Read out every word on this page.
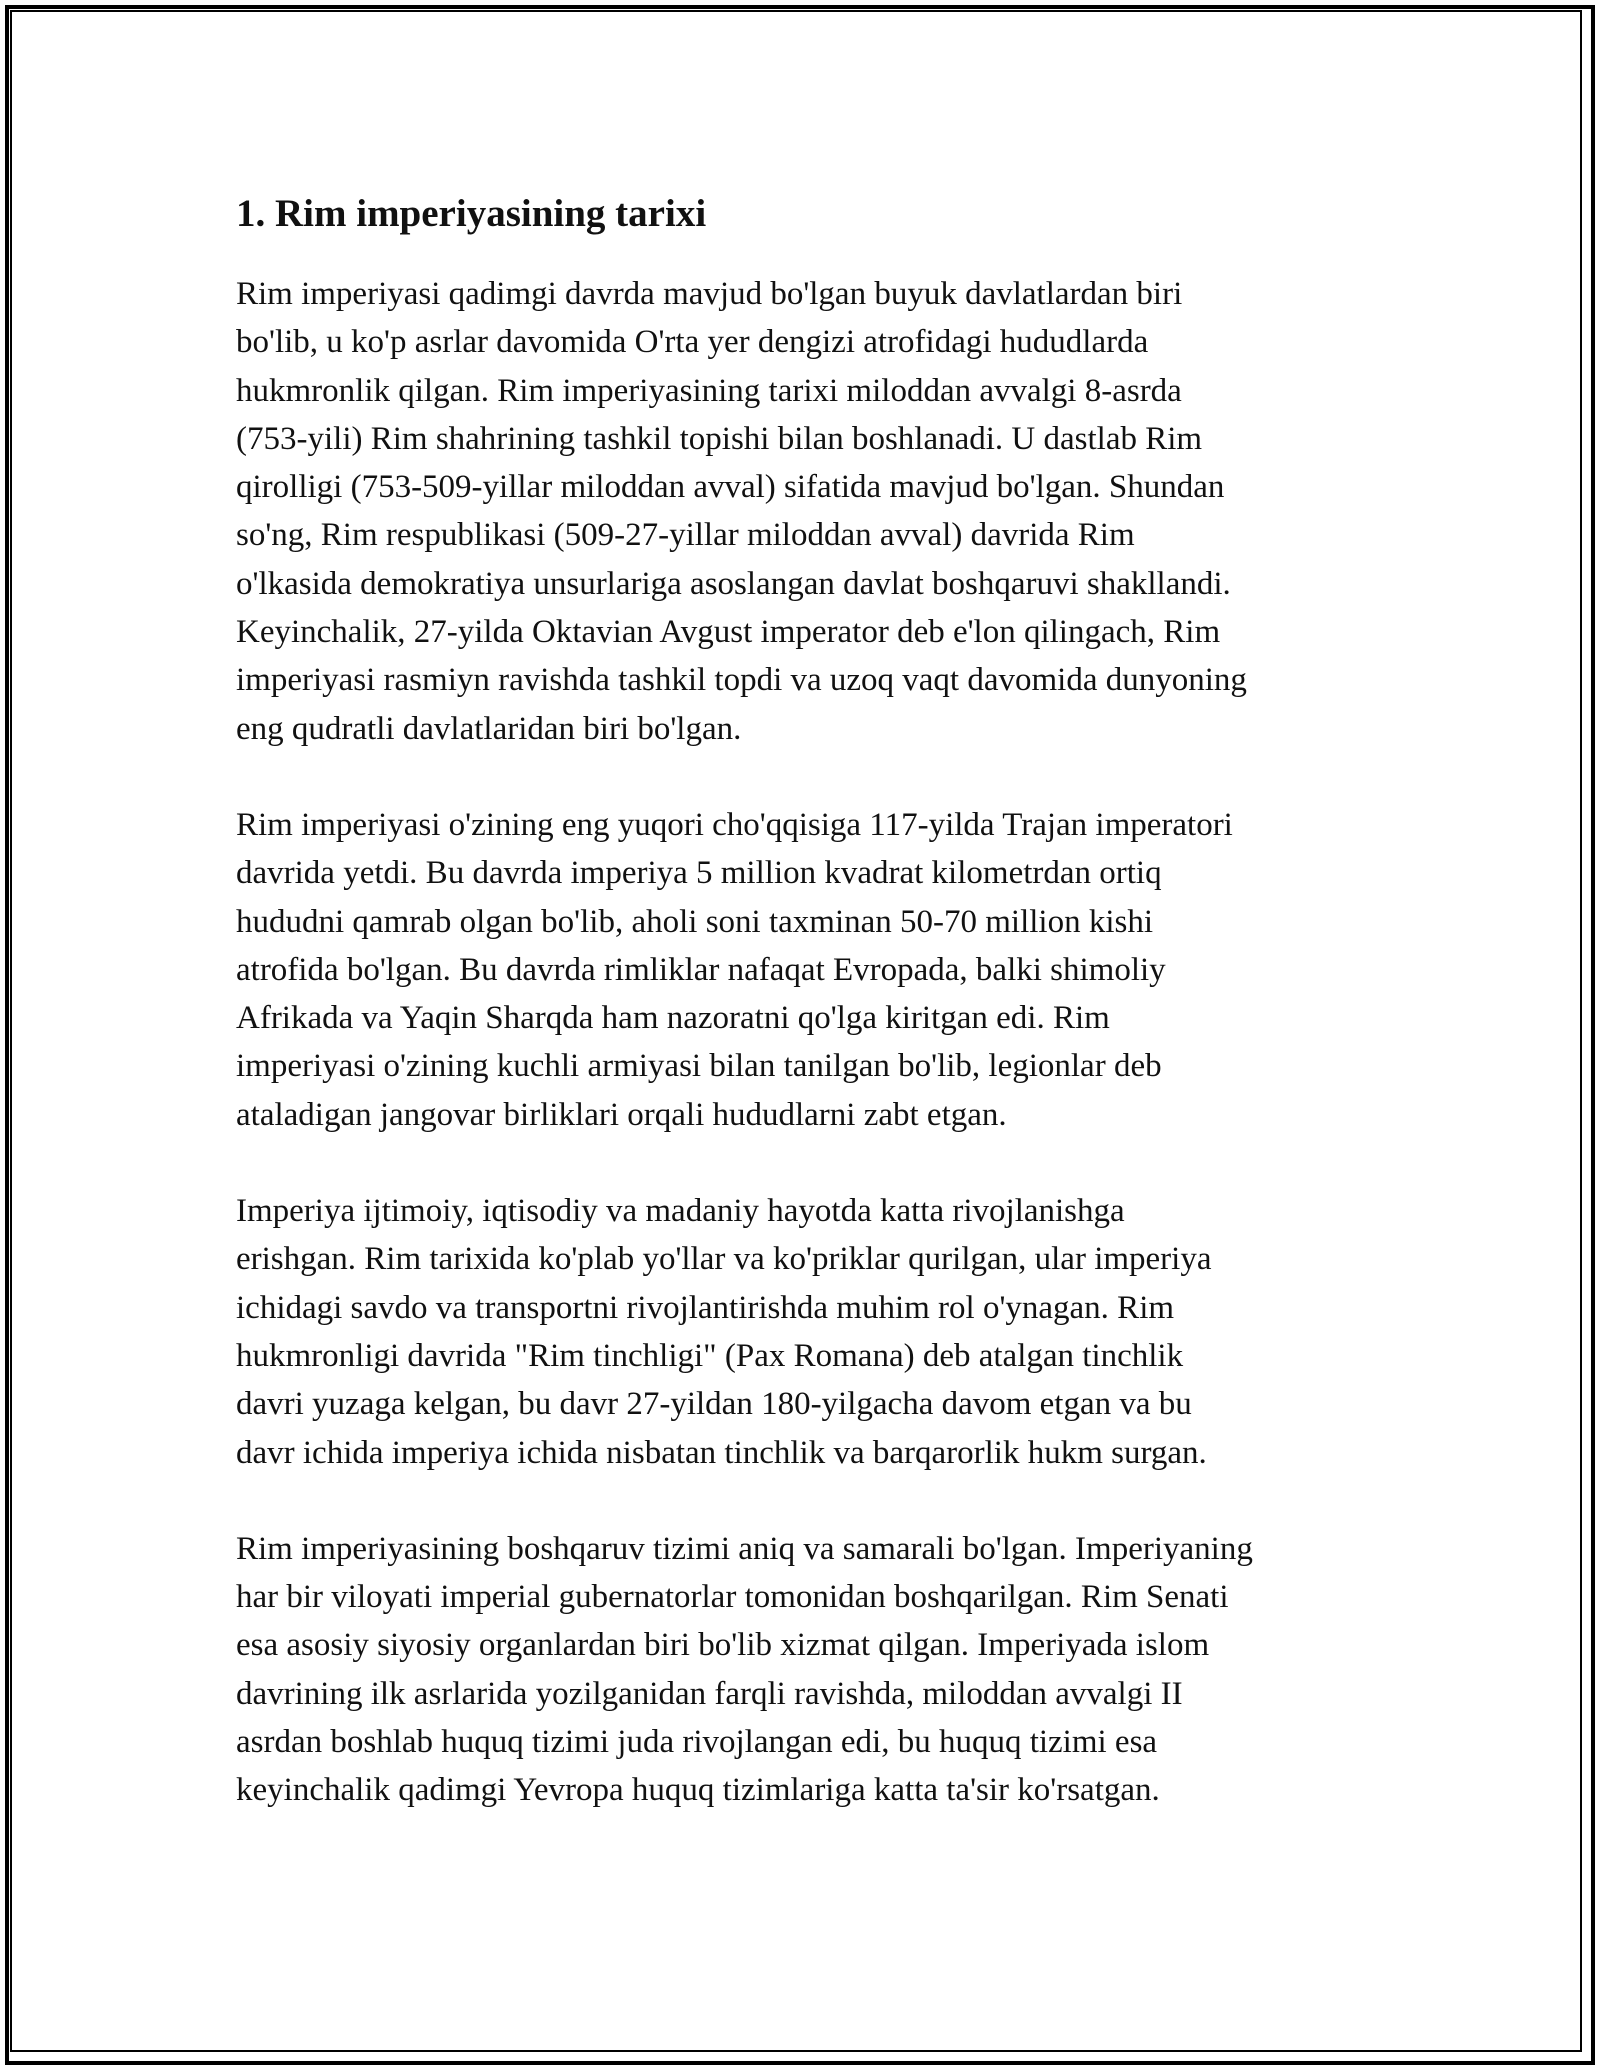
1. Rim imperiyasining tarixi

Rim imperiyasi qadimgi davrda mavjud bo'lgan buyuk davlatlardan biri
bo'lib, u ko'p asrlar davomida O'rta yer dengizi atrofidagi hududlarda
hukmronlik qilgan. Rim imperiyasining tarixi miloddan avvalgi 8-asrda
(753-yili) Rim shahrining tashkil topishi bilan boshlanadi. U dastlab Rim
qirolligi (753-509-yillar miloddan avval) sifatida mavjud bo'lgan. Shundan
so'ng, Rim respublikasi (509-27-yillar miloddan avval) davrida Rim
o'lkasida demokratiya unsurlariga asoslangan davlat boshqaruvi shakllandi.
Keyinchalik, 27-yilda Oktavian Avgust imperator deb e'lon qilingach, Rim
imperiyasi rasmiyn ravishda tashkil topdi va uzoq vaqt davomida dunyoning
eng qudratli davlatlaridan biri bo'lgan.

Rim imperiyasi o'zining eng yuqori cho'qqisiga 117-yilda Trajan imperatori
davrida yetdi. Bu davrda imperiya 5 million kvadrat kilometrdan ortiq
hududni qamrab olgan bo'lib, aholi soni taxminan 50-70 million kishi
atrofida bo'lgan. Bu davrda rimliklar nafaqat Evropada, balki shimoliy
Afrikada va Yaqin Sharqda ham nazoratni qo'lga kiritgan edi. Rim
imperiyasi o'zining kuchli armiyasi bilan tanilgan bo'lib, legionlar deb
ataladigan jangovar birliklari orqali hududlarni zabt etgan.

Imperiya ijtimoiy, iqtisodiy va madaniy hayotda katta rivojlanishga
erishgan. Rim tarixida ko'plab yo'llar va ko'priklar qurilgan, ular imperiya
ichidagi savdo va transportni rivojlantirishda muhim rol o'ynagan. Rim
hukmronligi davrida "Rim tinchligi" (Pax Romana) deb atalgan tinchlik
davri yuzaga kelgan, bu davr 27-yildan 180-yilgacha davom etgan va bu
davr ichida imperiya ichida nisbatan tinchlik va barqarorlik hukm surgan.

Rim imperiyasining boshqaruv tizimi aniq va samarali bo'lgan. Imperiyaning
har bir viloyati imperial gubernatorlar tomonidan boshqarilgan. Rim Senati
esa asosiy siyosiy organlardan biri bo'lib xizmat qilgan. Imperiyada islom
davrining ilk asrlarida yozilganidan farqli ravishda, miloddan avvalgi II
asrdan boshlab huquq tizimi juda rivojlangan edi, bu huquq tizimi esa
keyinchalik qadimgi Yevropa huquq tizimlariga katta ta'sir ko'rsatgan.
